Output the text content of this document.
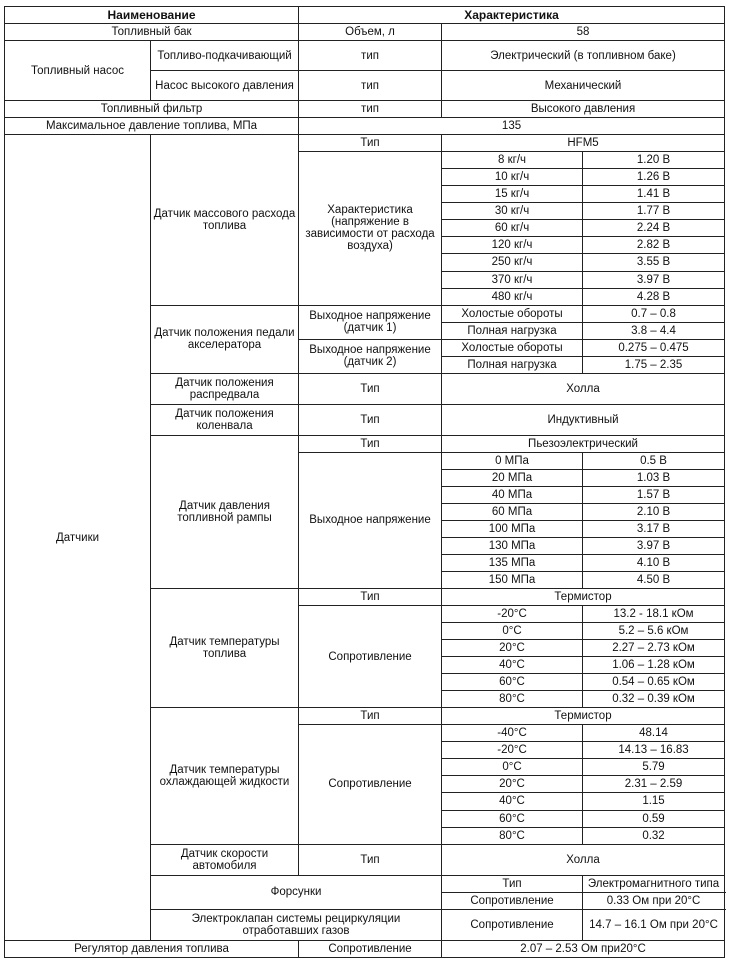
Наименование		Характеристика		
Топливный бак		Объем, л	58	
Топливный насос	Топливо-подкачивающий	тип	Электрический (в топливном баке)	
	Насос высокого давления	тип	Механический	
Топливный фильтр		тип	Высокого давления	
Максимальное давление топлива, МПа		135		
Датчики	Датчик массового расхода топлива	Тип	HFM5	
		Характеристика (напряжение в зависимости от расхода воздуха)	8 кг/ч	1.20 В
			10 кг/ч	1.26 В
			15 кг/ч	1.41 В
			30 кг/ч	1.77 В
			60 кг/ч	2.24 В
			120 кг/ч	2.82 В
			250 кг/ч	3.55 В
			370 кг/ч	3.97 В
			480 кг/ч	4.28 В
	Датчик положения педали акселератора	Выходное напряжение (датчик 1)	Холостые обороты	0.7 – 0.8
			Полная нагрузка	3.8 – 4.4
		Выходное напряжение (датчик 2)	Холостые обороты	0.275 – 0.475
			Полная нагрузка	1.75 – 2.35
	Датчик положения распредвала	Тип	Холла	
	Датчик положения коленвала	Тип	Индуктивный	
	Датчик давления топливной рампы	Тип	Пьезоэлектрический	
		Выходное напряжение	0 МПа	0.5 В
			20 МПа	1.03 В
			40 МПа	1.57 В
			60 МПа	2.10 В
			100 МПа	3.17 В
			130 МПа	3.97 В
			135 МПа	4.10 В
			150 МПа	4.50 В
	Датчик температуры топлива	Тип	Термистор	
		Сопротивление	-20°С	13.2 - 18.1 кОм
			0°С	5.2 – 5.6 кОм
			20°С	2.27 – 2.73 кОм
			40°С	1.06 – 1.28 кОм
			60°С	0.54 – 0.65 кОм
			80°С	0.32 – 0.39 кОм
	Датчик температуры охлаждающей жидкости	Тип	Термистор	
		Сопротивление	-40°С	48.14
			-20°С	14.13 – 16.83
			0°С	5.79
			20°С	2.31 – 2.59
			40°С	1.15
			60°С	0.59
			80°С	0.32
	Датчик скорости автомобиля	Тип	Холла	
	Форсунки		Тип	Электромагнитного типа
			Сопротивление	0.33 Ом при 20°С
	Электроклапан системы рециркуляции отработавших газов		Сопротивление	14.7 – 16.1 Ом при 20°С
Регулятор давления топлива		Сопротивление	2.07 – 2.53 Ом при20°С	
